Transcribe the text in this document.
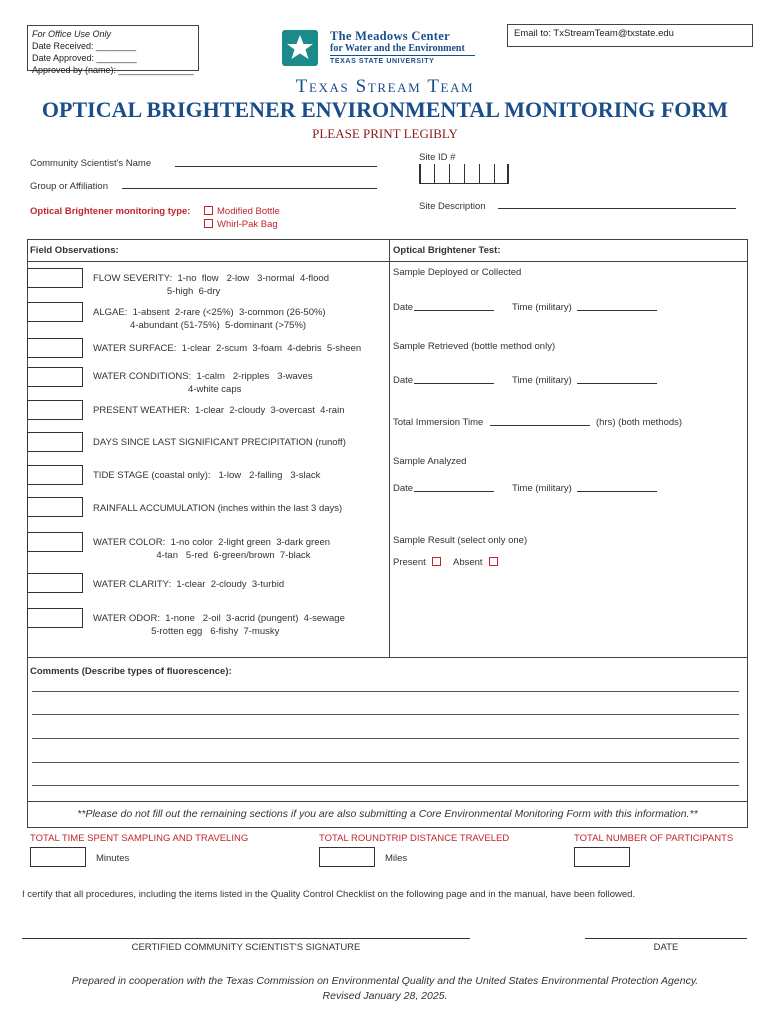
For Office Use Only
Date Received: ________
Date Approved: ________
Approved by (name): _______________
The Meadows Center
for Water and the Environment
TEXAS STATE UNIVERSITY
Email to: TxStreamTeam@txstate.edu
Texas Stream Team
OPTICAL BRIGHTENER ENVIRONMENTAL MONITORING FORM
PLEASE PRINT LEGIBLY
Community Scientist's Name
Group or Affiliation
Site ID #
Site Description
Optical Brightener monitoring type:	Modified Bottle
Whirl-Pak Bag
Field Observations:	Optical Brightener Test:
FLOW SEVERITY:  1-no  flow   2-low   3-normal  4-flood
5-high  6-dry
ALGAE:  1-absent  2-rare (<25%)  3-common (26-50%)
4-abundant (51-75%)  5-dominant (>75%)
WATER SURFACE:  1-clear  2-scum  3-foam  4-debris  5-sheen
WATER CONDITIONS:  1-calm   2-ripples   3-waves
4-white caps
PRESENT WEATHER:  1-clear  2-cloudy  3-overcast  4-rain
DAYS SINCE LAST SIGNIFICANT PRECIPITATION (runoff)
TIDE STAGE (coastal only):   1-low   2-falling   3-slack
RAINFALL ACCUMULATION (inches within the last 3 days)
WATER COLOR:  1-no color  2-light green  3-dark green
4-tan   5-red  6-green/brown  7-black
WATER CLARITY:  1-clear  2-cloudy  3-turbid
WATER ODOR:  1-none   2-oil  3-acrid (pungent)  4-sewage
5-rotten egg   6-fishy  7-musky
Sample Deployed or Collected
Date	Time (military)
Sample Retrieved (bottle method only)
Date	Time (military)
Total Immersion Time	(hrs) (both methods)
Sample Analyzed
Date	Time (military)
Sample Result (select only one)
Present	Absent
Comments (Describe types of fluorescence):
**Please do not fill out the remaining sections if you are also submitting a Core Environmental Monitoring Form with this information.**
TOTAL TIME SPENT SAMPLING AND TRAVELING
Minutes
TOTAL ROUNDTRIP DISTANCE TRAVELED
Miles
TOTAL NUMBER OF PARTICIPANTS
I certify that all procedures, including the items listed in the Quality Control Checklist on the following page and in the manual, have been followed.
CERTIFIED COMMUNITY SCIENTIST'S SIGNATURE	DATE
Prepared in cooperation with the Texas Commission on Environmental Quality and the United States Environmental Protection Agency.
Revised January 28, 2025.
